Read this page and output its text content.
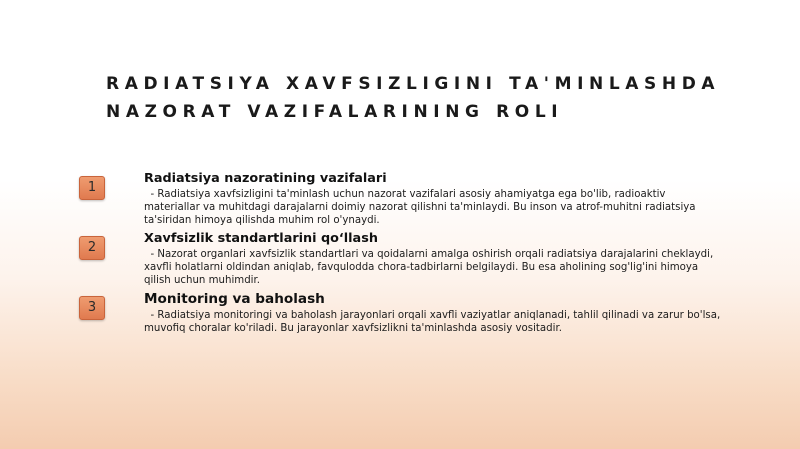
RADIATSIYA XAVFSIZLIGINI TA'MINLASHDA
NAZORAT VAZIFALARINING ROLI
1
Radiatsiya nazoratining vazifalari
- Radiatsiya xavfsizligini ta'minlash uchun nazorat vazifalari asosiy ahamiyatga ega bo'lib, radioaktiv materiallar va muhitdagi darajalarni doimiy nazorat qilishni ta'minlaydi. Bu inson va atrof-muhitni radiatsiya ta'siridan himoya qilishda muhim rol o'ynaydi.
2
Xavfsizlik standartlarini qo‘llash
- Nazorat organlari xavfsizlik standartlari va qoidalarni amalga oshirish orqali radiatsiya darajalarini cheklaydi, xavfli holatlarni oldindan aniqlab, favqulodda chora-tadbirlarni belgilaydi. Bu esa aholining sog'lig'ini himoya qilish uchun muhimdir.
3
Monitoring va baholash
- Radiatsiya monitoringi va baholash jarayonlari orqali xavfli vaziyatlar aniqlanadi, tahlil qilinadi va zarur bo'lsa, muvofiq choralar ko'riladi. Bu jarayonlar xavfsizlikni ta'minlashda asosiy vositadir.
